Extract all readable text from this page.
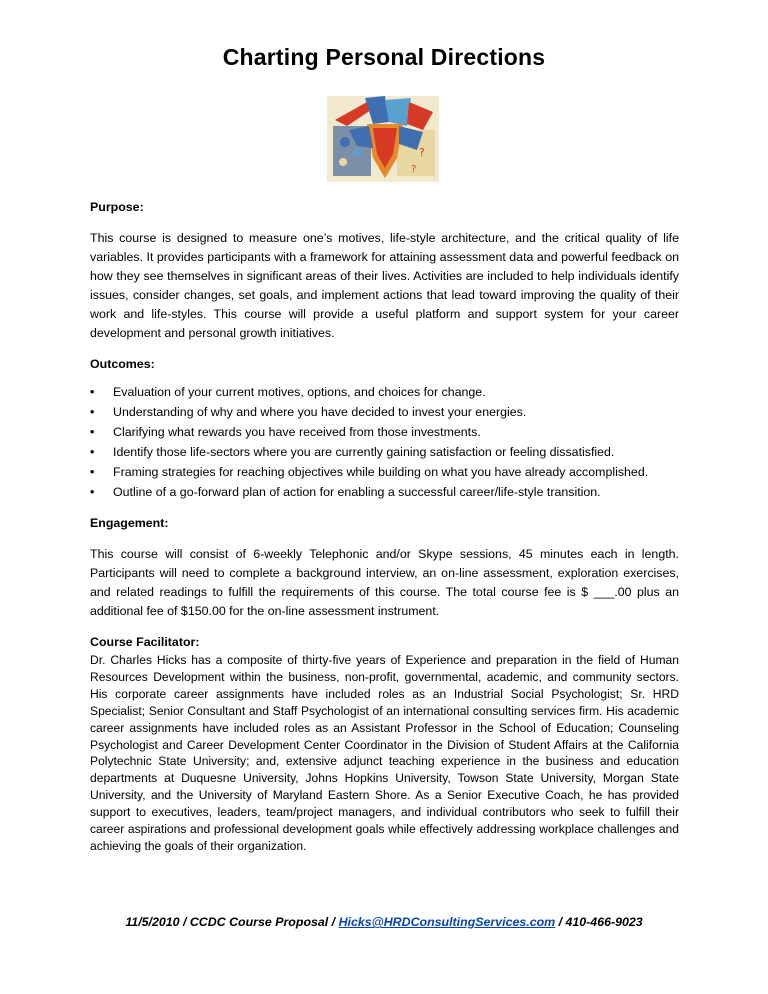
Charting Personal Directions
?
?

Purpose:

This course is designed to measure one’s motives, life-style architecture, and the critical quality of life variables. It provides participants with a framework for attaining assessment data and powerful feedback on how they see themselves in significant areas of their lives. Activities are included to help individuals identify issues, consider changes, set goals, and implement actions that lead toward improving the quality of their work and life-styles. This course will provide a useful platform and support system for your career development and personal growth initiatives.

Outcomes:

• Evaluation of your current motives, options, and choices for change.
• Understanding of why and where you have decided to invest your energies.
• Clarifying what rewards you have received from those investments.
• Identify those life-sectors where you are currently gaining satisfaction or feeling dissatisfied.
• Framing strategies for reaching objectives while building on what you have already accomplished.
• Outline of a go-forward plan of action for enabling a successful career/life-style transition.

Engagement:

This course will consist of 6-weekly Telephonic and/or Skype sessions, 45 minutes each in length. Participants will need to complete a background interview, an on-line assessment, exploration exercises, and related readings to fulfill the requirements of this course. The total course fee is $ ___.00 plus an additional fee of $150.00 for the on-line assessment instrument.

Course Facilitator:

Dr. Charles Hicks has a composite of thirty-five years of Experience and preparation in the field of Human Resources Development within the business, non-profit, governmental, academic, and community sectors. His corporate career assignments have included roles as an Industrial Social Psychologist; Sr. HRD Specialist; Senior Consultant and Staff Psychologist of an international consulting services firm. His academic career assignments have included roles as an Assistant Professor in the School of Education; Counseling Psychologist and Career Development Center Coordinator in the Division of Student Affairs at the California Polytechnic State University; and, extensive adjunct teaching experience in the business and education departments at Duquesne University, Johns Hopkins University, Towson State University, Morgan State University, and the University of Maryland Eastern Shore. As a Senior Executive Coach, he has provided support to executives, leaders, team/project managers, and individual contributors who seek to fulfill their career aspirations and professional development goals while effectively addressing workplace challenges and achieving the goals of their organization.

11/5/2010 / CCDC Course Proposal / Hicks@HRDConsultingServices.com / 410-466-9023
